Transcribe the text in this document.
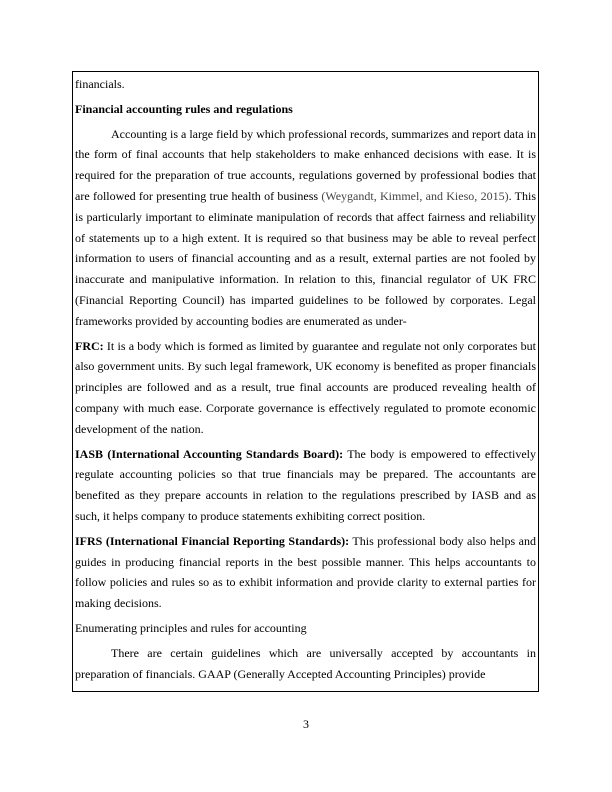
financials.

Financial accounting rules and regulations

Accounting is a large field by which professional records, summarizes and report data in the form of final accounts that help stakeholders to make enhanced decisions with ease. It is required for the preparation of true accounts, regulations governed by professional bodies that are followed for presenting true health of business (Weygandt, Kimmel, and Kieso, 2015). This is particularly important to eliminate manipulation of records that affect fairness and reliability of statements up to a high extent. It is required so that business may be able to reveal perfect information to users of financial accounting and as a result, external parties are not fooled by inaccurate and manipulative information. In relation to this, financial regulator of UK FRC (Financial Reporting Council) has imparted guidelines to be followed by corporates. Legal frameworks provided by accounting bodies are enumerated as under-

FRC: It is a body which is formed as limited by guarantee and regulate not only corporates but also government units. By such legal framework, UK economy is benefited as proper financials principles are followed and as a result, true final accounts are produced revealing health of company with much ease. Corporate governance is effectively regulated to promote economic development of the nation.

IASB (International Accounting Standards Board): The body is empowered to effectively regulate accounting policies so that true financials may be prepared. The accountants are benefited as they prepare accounts in relation to the regulations prescribed by IASB and as such, it helps company to produce statements exhibiting correct position.

IFRS (International Financial Reporting Standards): This professional body also helps and guides in producing financial reports in the best possible manner. This helps accountants to follow policies and rules so as to exhibit information and provide clarity to external parties for making decisions.

Enumerating principles and rules for accounting

There are certain guidelines which are universally accepted by accountants in preparation of financials. GAAP (Generally Accepted Accounting Principles) provide

3
